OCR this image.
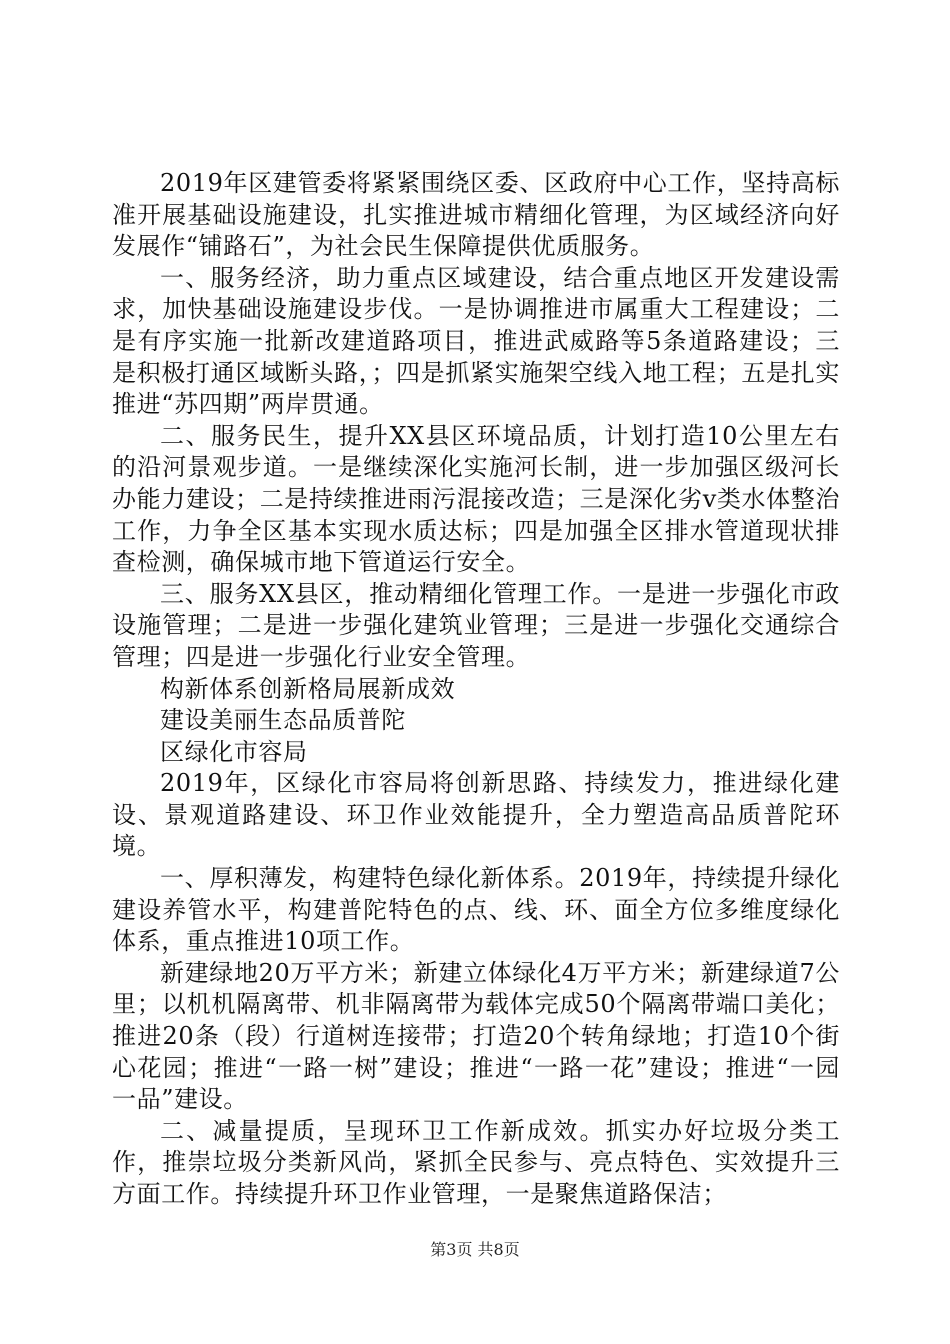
2019年区建管委将紧紧围绕区委、区政府中心工作，坚持高标准开展基础设施建设，扎实推进城市精细化管理，为区域经济向好发展作“铺路石”，为社会民生保障提供优质服务。

一、服务经济，助力重点区域建设，结合重点地区开发建设需求，加快基础设施建设步伐。一是协调推进市属重大工程建设；二是有序实施一批新改建道路项目，推进武威路等5条道路建设；三是积极打通区域断头路，；四是抓紧实施架空线入地工程；五是扎实推进“苏四期”两岸贯通。

二、服务民生，提升XX县区环境品质，计划打造10公里左右的沿河景观步道。一是继续深化实施河长制，进一步加强区级河长办能力建设；二是持续推进雨污混接改造；三是深化劣v类水体整治工作，力争全区基本实现水质达标；四是加强全区排水管道现状排查检测，确保城市地下管道运行安全。

三、服务XX县区，推动精细化管理工作。一是进一步强化市政设施管理；二是进一步强化建筑业管理；三是进一步强化交通综合管理；四是进一步强化行业安全管理。

构新体系创新格局展新成效

建设美丽生态品质普陀

区绿化市容局

2019年，区绿化市容局将创新思路、持续发力，推进绿化建设、景观道路建设、环卫作业效能提升，全力塑造高品质普陀环境。

一、厚积薄发，构建特色绿化新体系。2019年，持续提升绿化建设养管水平，构建普陀特色的点、线、环、面全方位多维度绿化体系，重点推进10项工作。

新建绿地20万平方米；新建立体绿化4万平方米；新建绿道7公里；以机机隔离带、机非隔离带为载体完成50个隔离带端口美化；推进20条（段）行道树连接带；打造20个转角绿地；打造10个街心花园；推进“一路一树”建设；推进“一路一花”建设；推进“一园一品”建设。

二、减量提质，呈现环卫工作新成效。抓实办好垃圾分类工作，推崇垃圾分类新风尚，紧抓全民参与、亮点特色、实效提升三方面工作。持续提升环卫作业管理，一是聚焦道路保洁；

第3页 共8页
